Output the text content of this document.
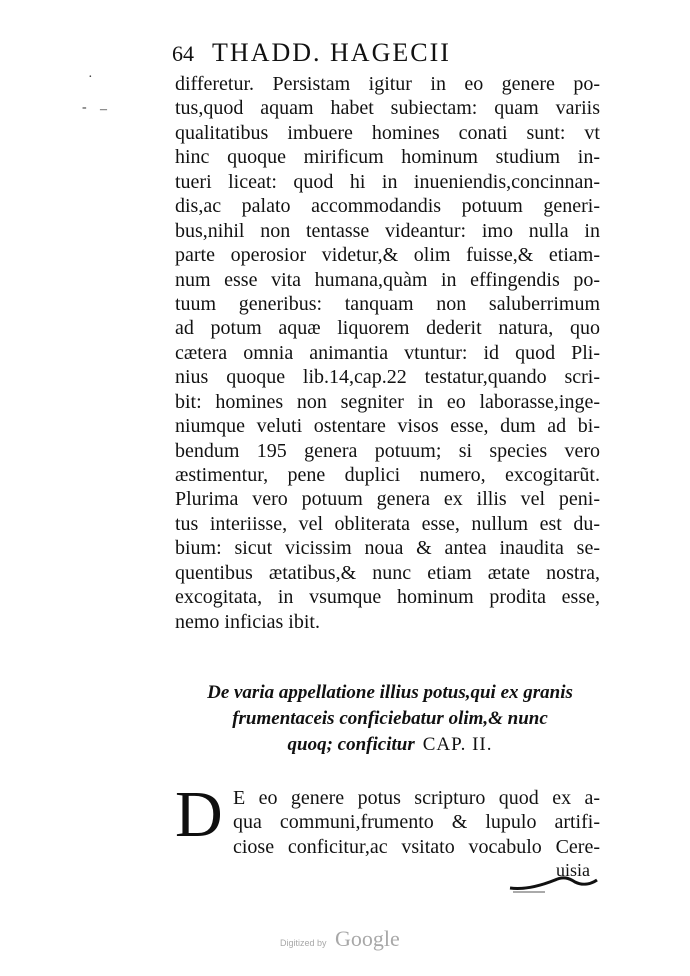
64 THADD. HAGECII
·
–
-
differetur. Persistam igitur in eo genere po-
tus,quod aquam habet subiectam: quam variis
qualitatibus imbuere homines conati sunt: vt
hinc quoque mirificum hominum studium in-
tueri liceat: quod hi in inueniendis,concinnan-
dis,ac palato accommodandis potuum generi-
bus,nihil non tentasse videantur: imo nulla in
parte operosior videtur,& olim fuisse,& etiam-
num esse vita humana,quàm in effingendis po-
tuum generibus: tanquam non saluberrimum
ad potum aquæ liquorem dederit natura, quo
cætera omnia animantia vtuntur: id quod Pli-
nius quoque lib.14,cap.22 testatur,quando scri-
bit: homines non segniter in eo laborasse,inge-
niumque veluti ostentare visos esse, dum ad bi-
bendum 195 genera potuum; si species vero
æstimentur, pene duplici numero, excogitarũt.
Plurima vero potuum genera ex illis vel peni-
tus interiisse, vel obliterata esse, nullum est du-
bium: sicut vicissim noua & antea inaudita se-
quentibus ætatibus,& nunc etiam ætate nostra,
excogitata, in vsumque hominum prodita esse,
nemo inficias ibit.
De varia appellatione illius potus,qui ex granis
frumentaceis conficiebatur olim,& nunc
quoq; conficitur CAP. II.
D E eo genere potus scripturo quod ex a-
qua communi,frumento & lupulo artifi-
ciose conficitur,ac vsitato vocabulo Cere-
uisia
Digitized by Google
